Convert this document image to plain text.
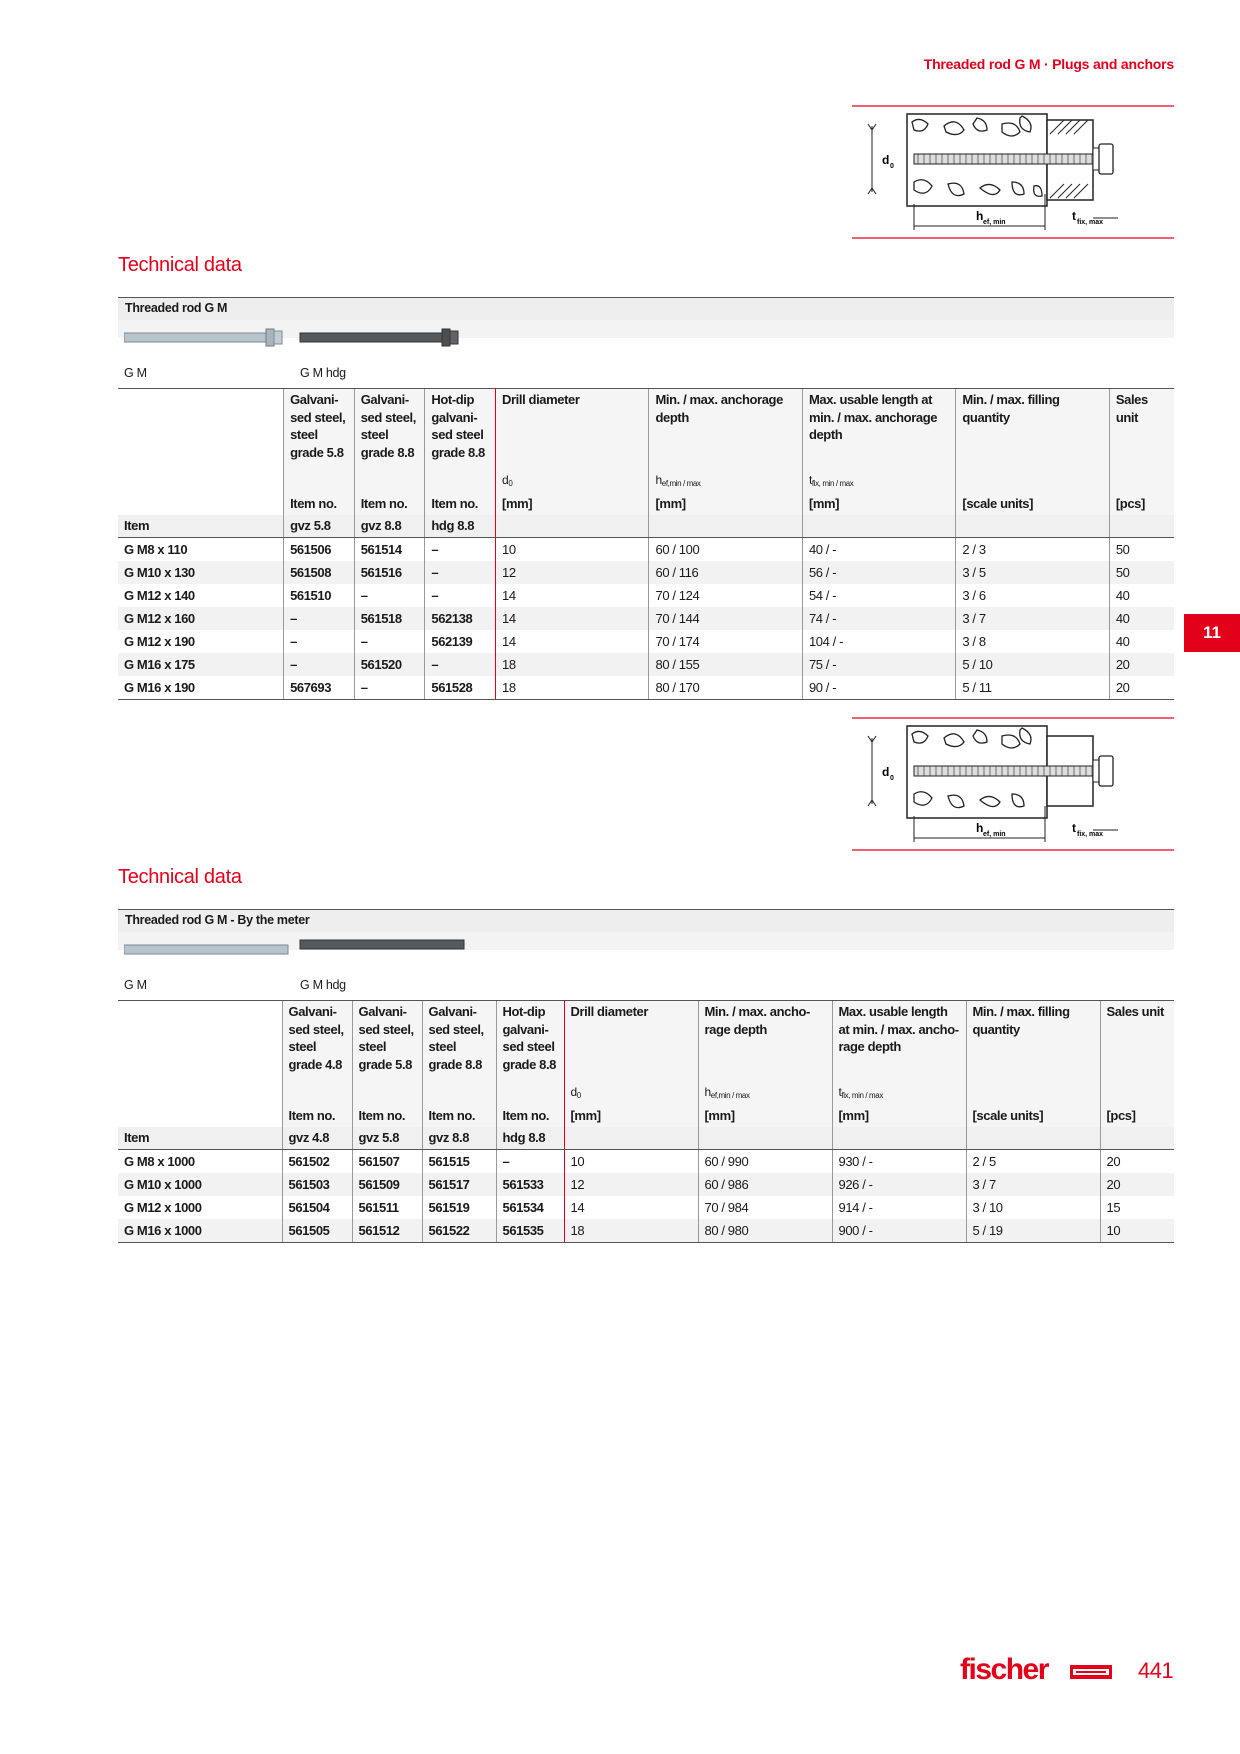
Threaded rod G M · Plugs and anchors
d 0
h ef, min	t fix, max
Technical data
Threaded rod G M
G M	G M hdg
	Galvani-sed steel, steel grade 5.8	Galvani-sed steel, steel grade 8.8	Hot-dip galvani-sed steel grade 8.8	Drill diameter	Min. / max. anchorage depth	Max. usable length at min. / max. anchorage depth	Min. / max. filling quantity	Sales unit
				$d_0$	$h_{ef,min / max}$	$t_{fix, min / max}$		
	Item no.	Item no.	Item no.	[mm]	[mm]	[mm]	[scale units]	[pcs]
Item	gvz 5.8	gvz 8.8	hdg 8.8					
G M8 x 110	561506	561514	–	10	60 / 100	40 / -	2 / 3	50
G M10 x 130	561508	561516	–	12	60 / 116	56 / -	3 / 5	50
G M12 x 140	561510	–	–	14	70 / 124	54 / -	3 / 6	40
G M12 x 160	–	561518	562138	14	70 / 144	74 / -	3 / 7	40
G M12 x 190	–	–	562139	14	70 / 174	104 / -	3 / 8	40
G M16 x 175	–	561520	–	18	80 / 155	75 / -	5 / 10	20
G M16 x 190	567693	–	561528	18	80 / 170	90 / -	5 / 11	20
11
d 0
h ef, min	t fix, max
Technical data
Threaded rod G M - By the meter
G M	G M hdg
	Galvani-sed steel, steel grade 4.8	Galvani-sed steel, steel grade 5.8	Galvani-sed steel, steel grade 8.8	Hot-dip galvani-sed steel grade 8.8	Drill diameter	Min. / max. ancho-rage depth	Max. usable length at min. / max. ancho-rage depth	Min. / max. filling quantity	Sales unit
					$d_0$	$h_{ef,min / max}$	$t_{fix, min / max}$		
	Item no.	Item no.	Item no.	Item no.	[mm]	[mm]	[mm]	[scale units]	[pcs]
Item	gvz 4.8	gvz 5.8	gvz 8.8	hdg 8.8					
G M8 x 1000	561502	561507	561515	–	10	60 / 990	930 / -	2 / 5	20
G M10 x 1000	561503	561509	561517	561533	12	60 / 986	926 / -	3 / 7	20
G M12 x 1000	561504	561511	561519	561534	14	70 / 984	914 / -	3 / 10	15
G M16 x 1000	561505	561512	561522	561535	18	80 / 980	900 / -	5 / 19	10
fischer	441
